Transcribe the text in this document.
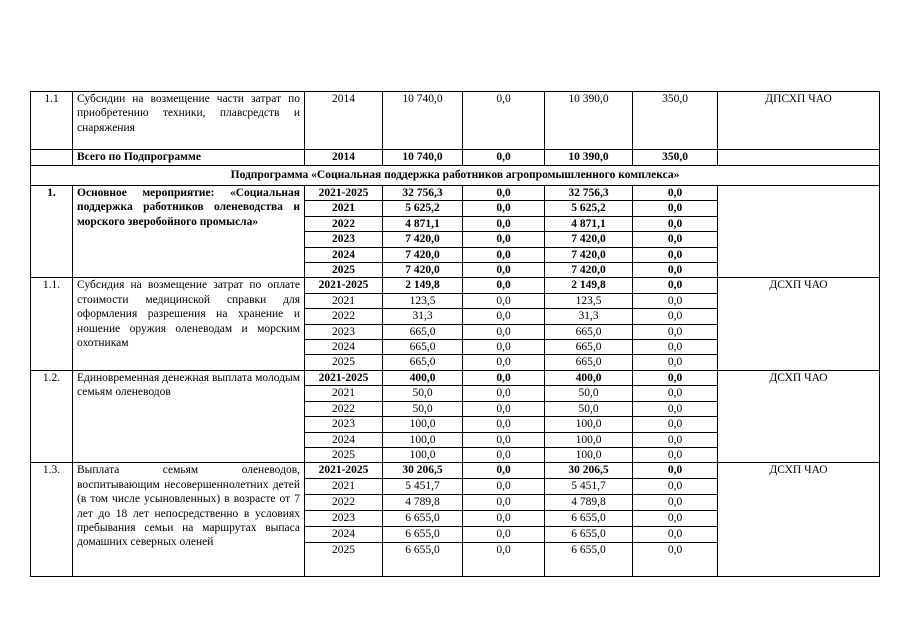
1.1	Субсидии на возмещение части затрат по приобретению техники, плавсредств и снаряжения	2014	10 740,0	0,0	10 390,0	350,0	ДПСХП ЧАО
	Всего по Подпрограмме	2014	10 740,0	0,0	10 390,0	350,0	
Подпрограмма «Социальная поддержка работников агропромышленного комплекса»							
1.	Основное мероприятие: «Социальная поддержка работников оленеводства и морского зверобойного промысла»	2021-2025	32 756,3	0,0	32 756,3	0,0	
		2021	5 625,2	0,0	5 625,2	0,0	
		2022	4 871,1	0,0	4 871,1	0,0	
		2023	7 420,0	0,0	7 420,0	0,0	
		2024	7 420,0	0,0	7 420,0	0,0	
		2025	7 420,0	0,0	7 420,0	0,0	
1.1.	Субсидия на возмещение затрат по оплате стоимости медицинской справки для оформления разрешения на хранение и ношение оружия оленеводам и морским охотникам	2021-2025	2 149,8	0,0	2 149,8	0,0	ДСХП ЧАО
		2021	123,5	0,0	123,5	0,0	
		2022	31,3	0,0	31,3	0,0	
		2023	665,0	0,0	665,0	0,0	
		2024	665,0	0,0	665,0	0,0	
		2025	665,0	0,0	665,0	0,0	
1.2.	Единовременная денежная выплата молодым семьям оленеводов	2021-2025	400,0	0,0	400,0	0,0	ДСХП ЧАО
		2021	50,0	0,0	50,0	0,0	
		2022	50,0	0,0	50,0	0,0	
		2023	100,0	0,0	100,0	0,0	
		2024	100,0	0,0	100,0	0,0	
		2025	100,0	0,0	100,0	0,0	
1.3.	Выплата семьям оленеводов, воспитывающим несовершеннолетних детей (в том числе усыновленных) в возрасте от 7 лет до 18 лет непосредственно в условиях пребывания семьи на маршрутах выпаса домашних северных оленей	2021-2025	30 206,5	0,0	30 206,5	0,0	ДСХП ЧАО
		2021	5 451,7	0,0	5 451,7	0,0	
		2022	4 789,8	0,0	4 789,8	0,0	
		2023	6 655,0	0,0	6 655,0	0,0	
		2024	6 655,0	0,0	6 655,0	0,0	
		2025	6 655,0	0,0	6 655,0	0,0	
